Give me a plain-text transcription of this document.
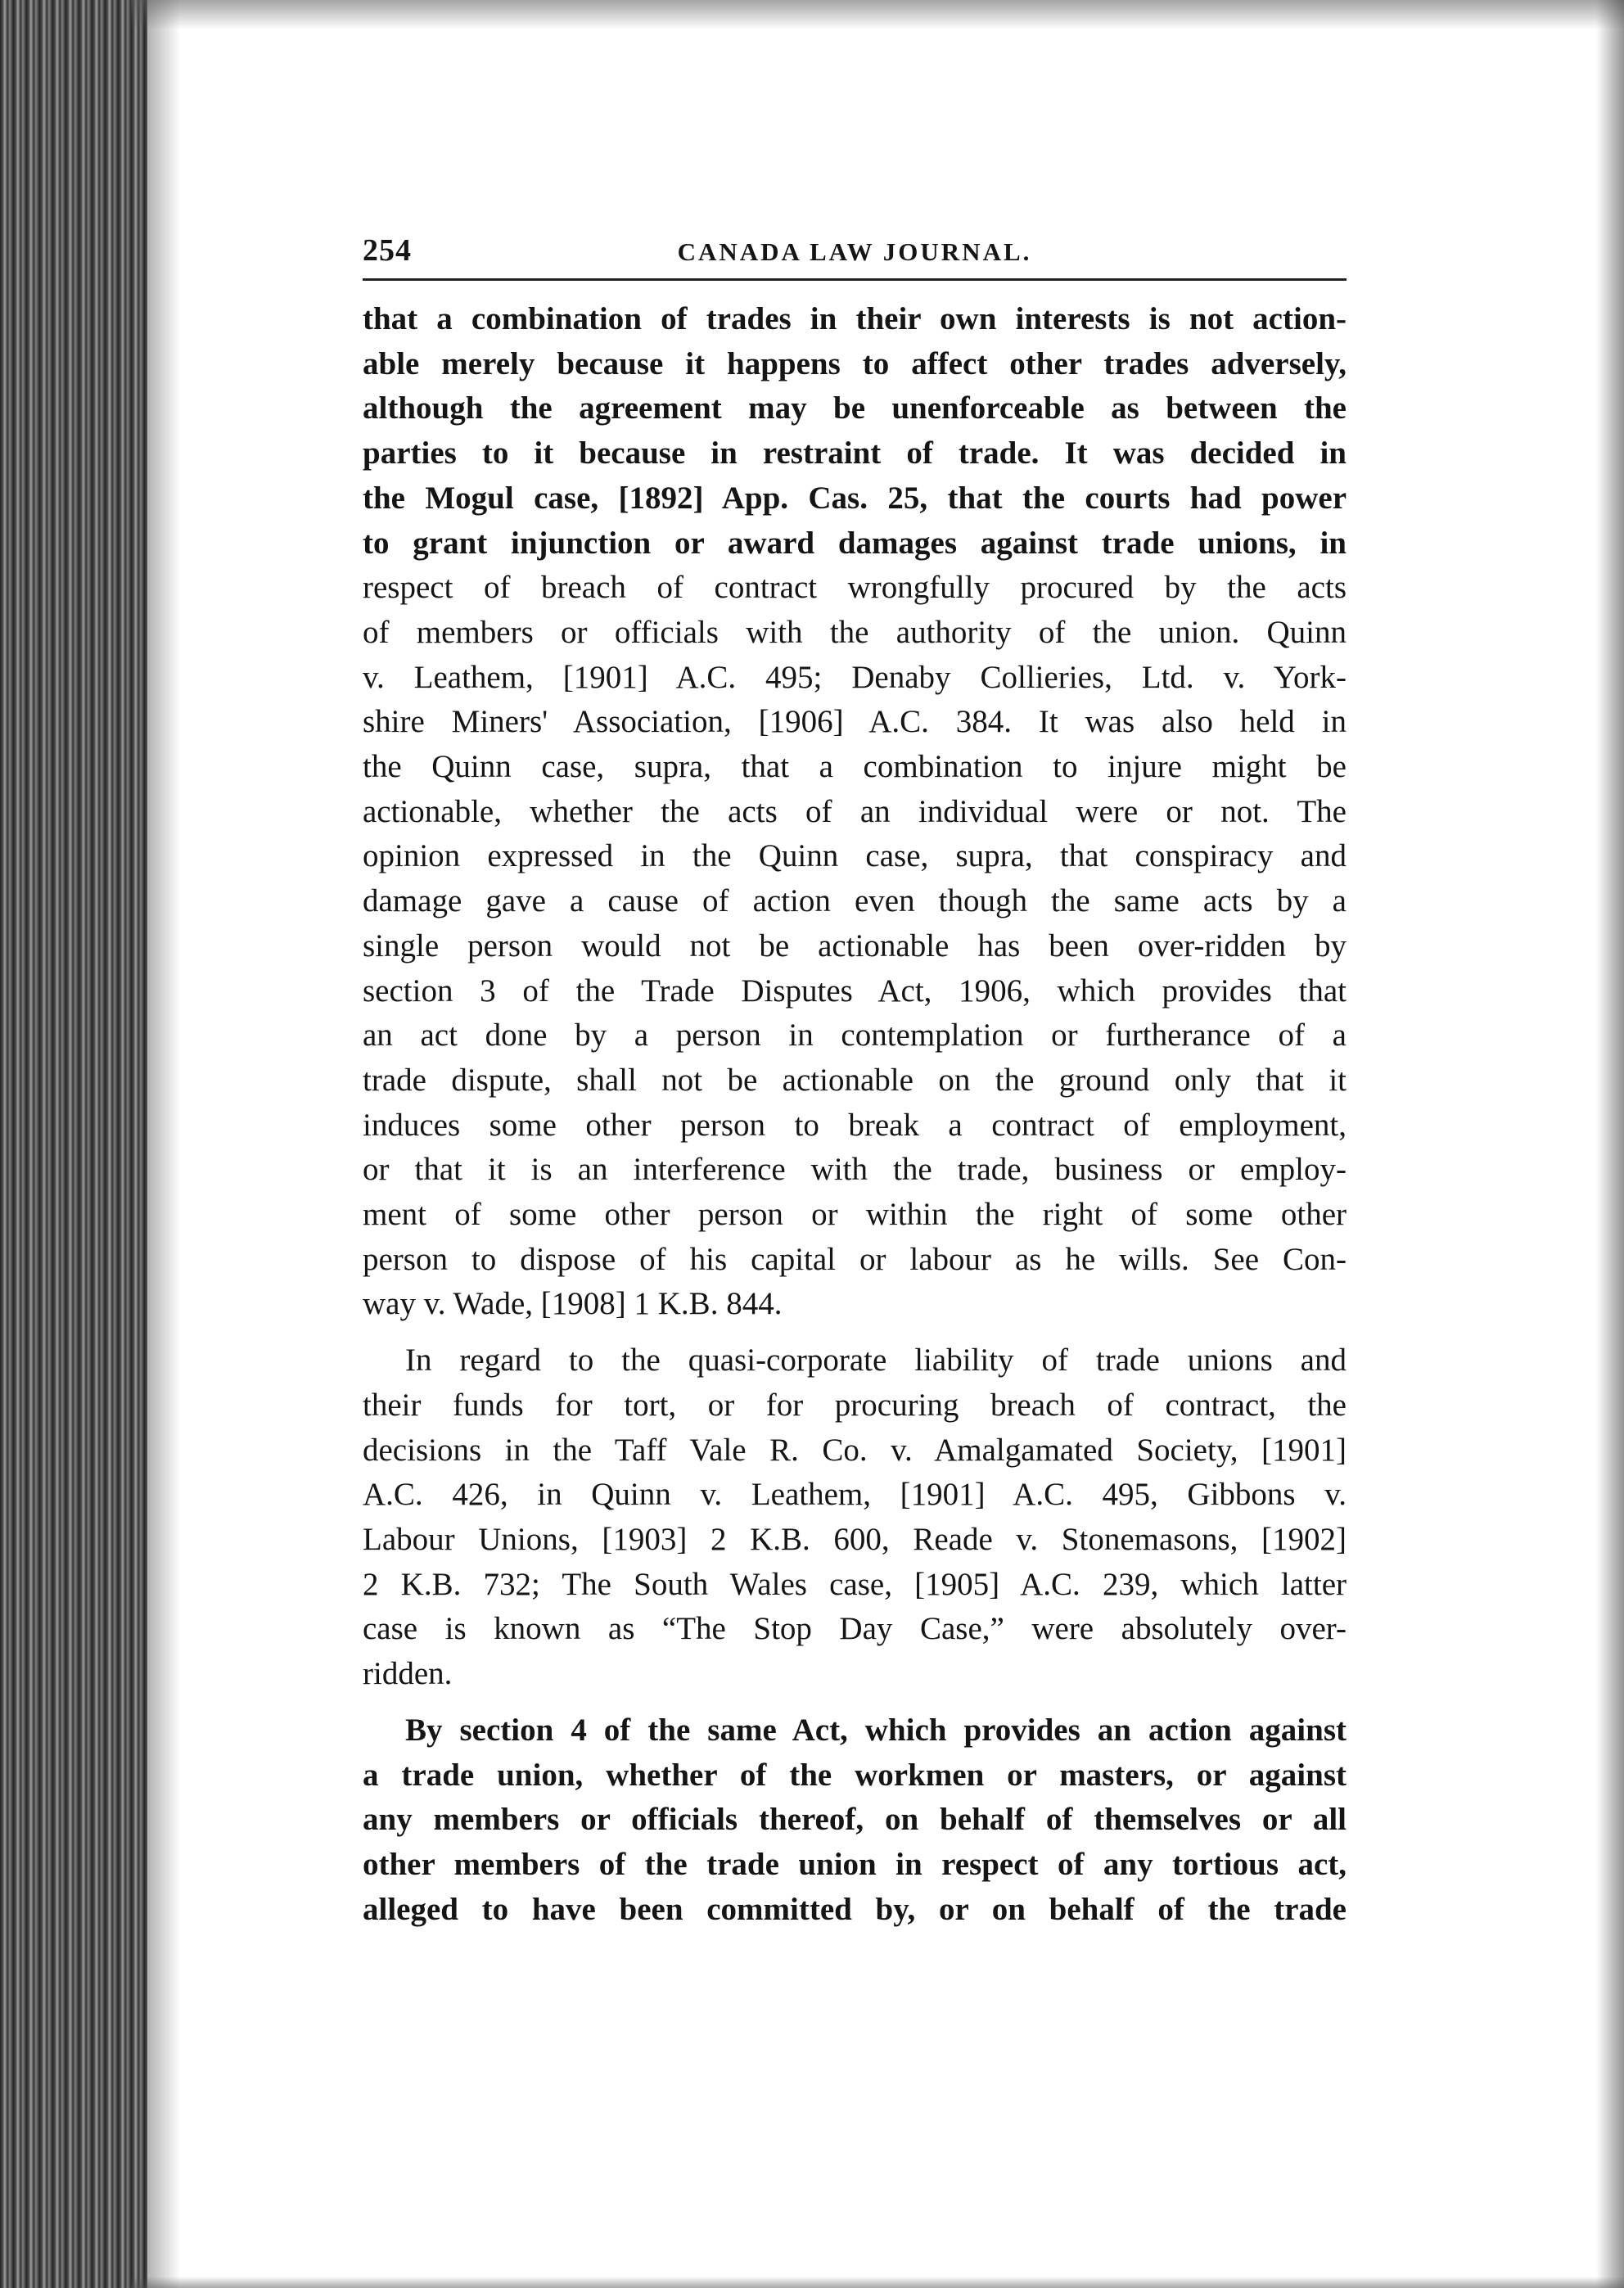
254	CANADA LAW JOURNAL.

that a combination of trades in their own interests is not action-
able merely because it happens to affect other trades adversely,
although the agreement may be unenforceable as between the
parties to it because in restraint of trade. It was decided in
the Mogul case, [1892] App. Cas. 25, that the courts had power
to grant injunction or award damages against trade unions, in
respect of breach of contract wrongfully procured by the acts
of members or officials with the authority of the union. Quinn
v. Leathem, [1901] A.C. 495; Denaby Collieries, Ltd. v. York-
shire Miners' Association, [1906] A.C. 384. It was also held in
the Quinn case, supra, that a combination to injure might be
actionable, whether the acts of an individual were or not. The
opinion expressed in the Quinn case, supra, that conspiracy and
damage gave a cause of action even though the same acts by a
single person would not be actionable has been over-ridden by
section 3 of the Trade Disputes Act, 1906, which provides that
an act done by a person in contemplation or furtherance of a
trade dispute, shall not be actionable on the ground only that it
induces some other person to break a contract of employment,
or that it is an interference with the trade, business or employ-
ment of some other person or within the right of some other
person to dispose of his capital or labour as he wills. See Con-
way v. Wade, [1908] 1 K.B. 844.

In regard to the quasi-corporate liability of trade unions and
their funds for tort, or for procuring breach of contract, the
decisions in the Taff Vale R. Co. v. Amalgamated Society, [1901]
A.C. 426, in Quinn v. Leathem, [1901] A.C. 495, Gibbons v.
Labour Unions, [1903] 2 K.B. 600, Reade v. Stonemasons, [1902]
2 K.B. 732; The South Wales case, [1905] A.C. 239, which latter
case is known as “The Stop Day Case,” were absolutely over-
ridden.

By section 4 of the same Act, which provides an action against
a trade union, whether of the workmen or masters, or against
any members or officials thereof, on behalf of themselves or all
other members of the trade union in respect of any tortious act,
alleged to have been committed by, or on behalf of the trade
